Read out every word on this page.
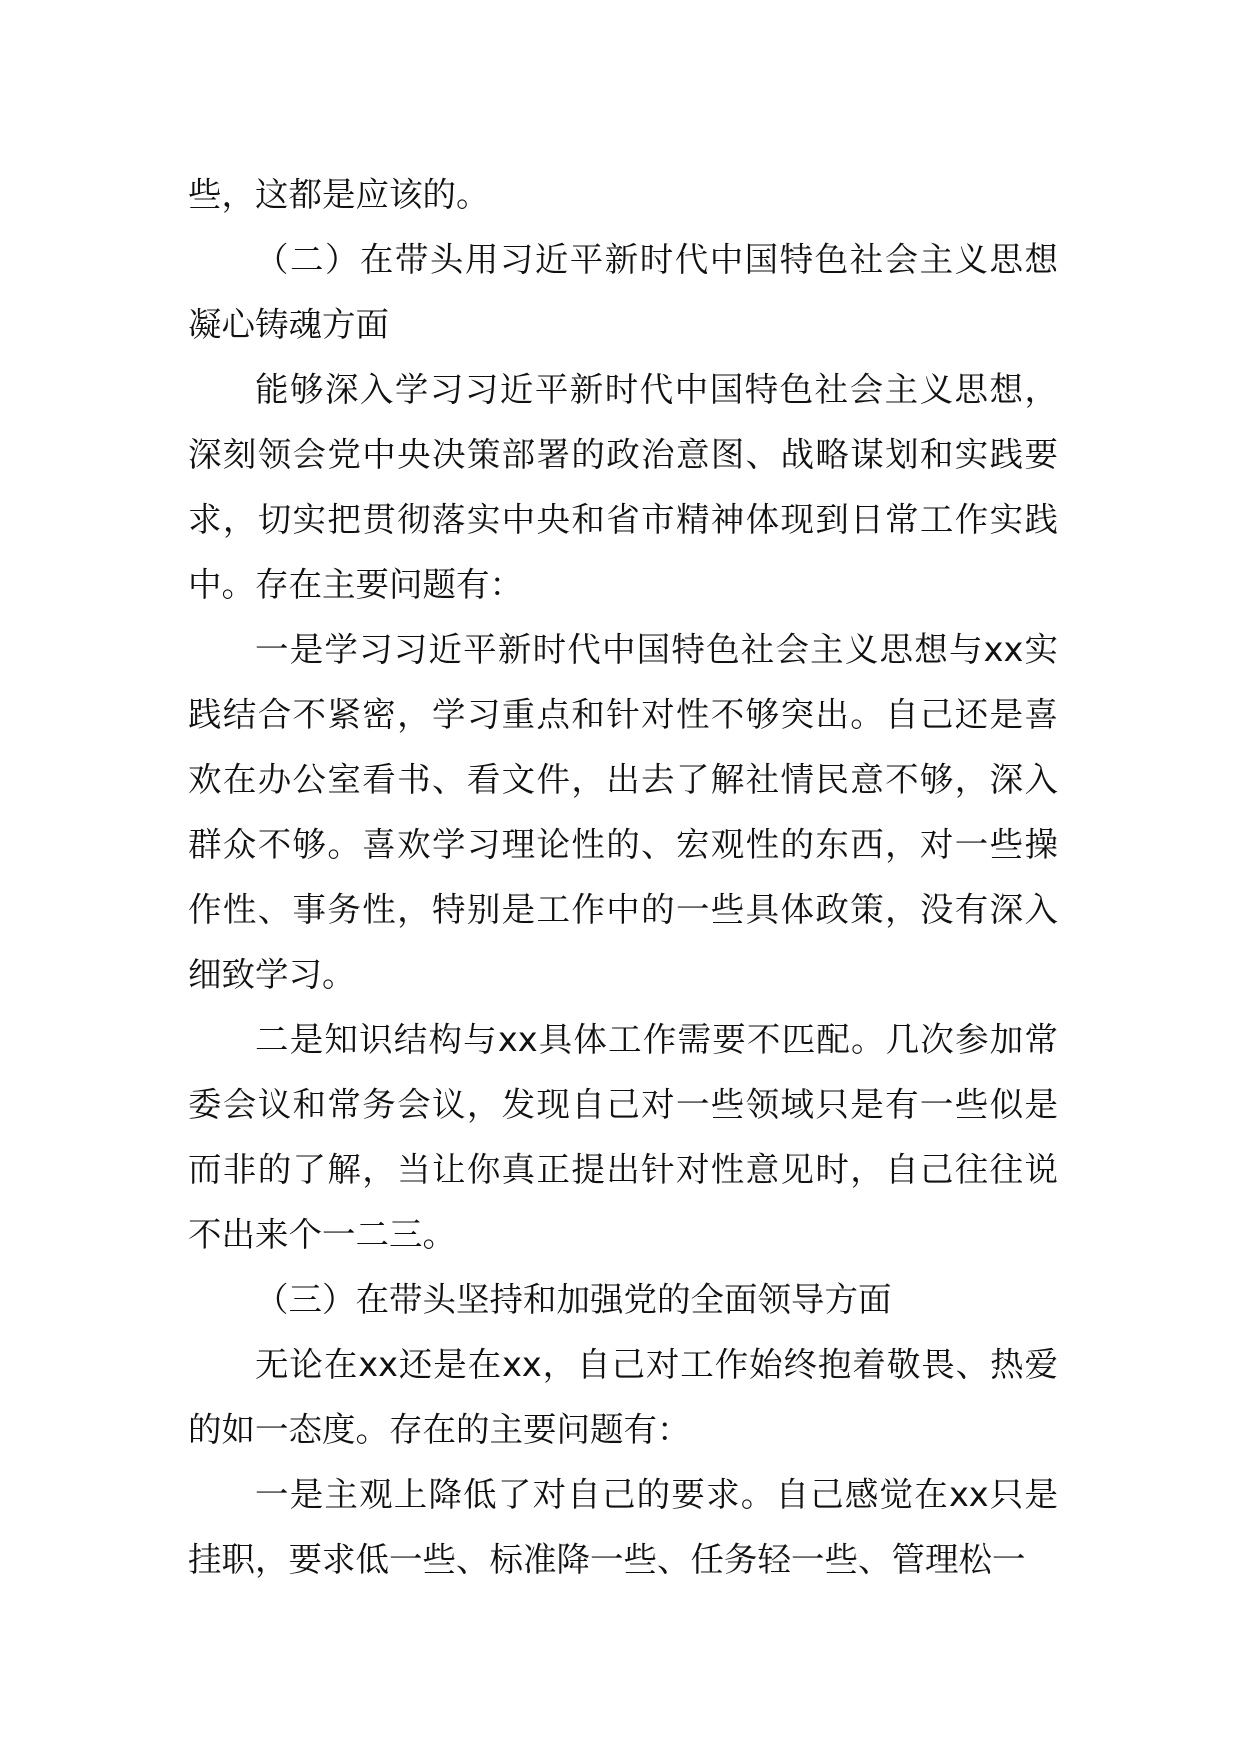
些，这都是应该的。

（二）在带头用习近平新时代中国特色社会主义思想凝心铸魂方面

能够深入学习习近平新时代中国特色社会主义思想，深刻领会党中央决策部署的政治意图、战略谋划和实践要求，切实把贯彻落实中央和省市精神体现到日常工作实践中。存在主要问题有：

一是学习习近平新时代中国特色社会主义思想与xx实践结合不紧密，学习重点和针对性不够突出。自己还是喜欢在办公室看书、看文件，出去了解社情民意不够，深入群众不够。喜欢学习理论性的、宏观性的东西，对一些操作性、事务性，特别是工作中的一些具体政策，没有深入细致学习。

二是知识结构与xx具体工作需要不匹配。几次参加常委会议和常务会议，发现自己对一些领域只是有一些似是而非的了解，当让你真正提出针对性意见时，自己往往说不出来个一二三。

（三）在带头坚持和加强党的全面领导方面

无论在xx还是在xx，自己对工作始终抱着敬畏、热爱的如一态度。存在的主要问题有：

一是主观上降低了对自己的要求。自己感觉在xx只是挂职，要求低一些、标准降一些、任务轻一些、管理松一
